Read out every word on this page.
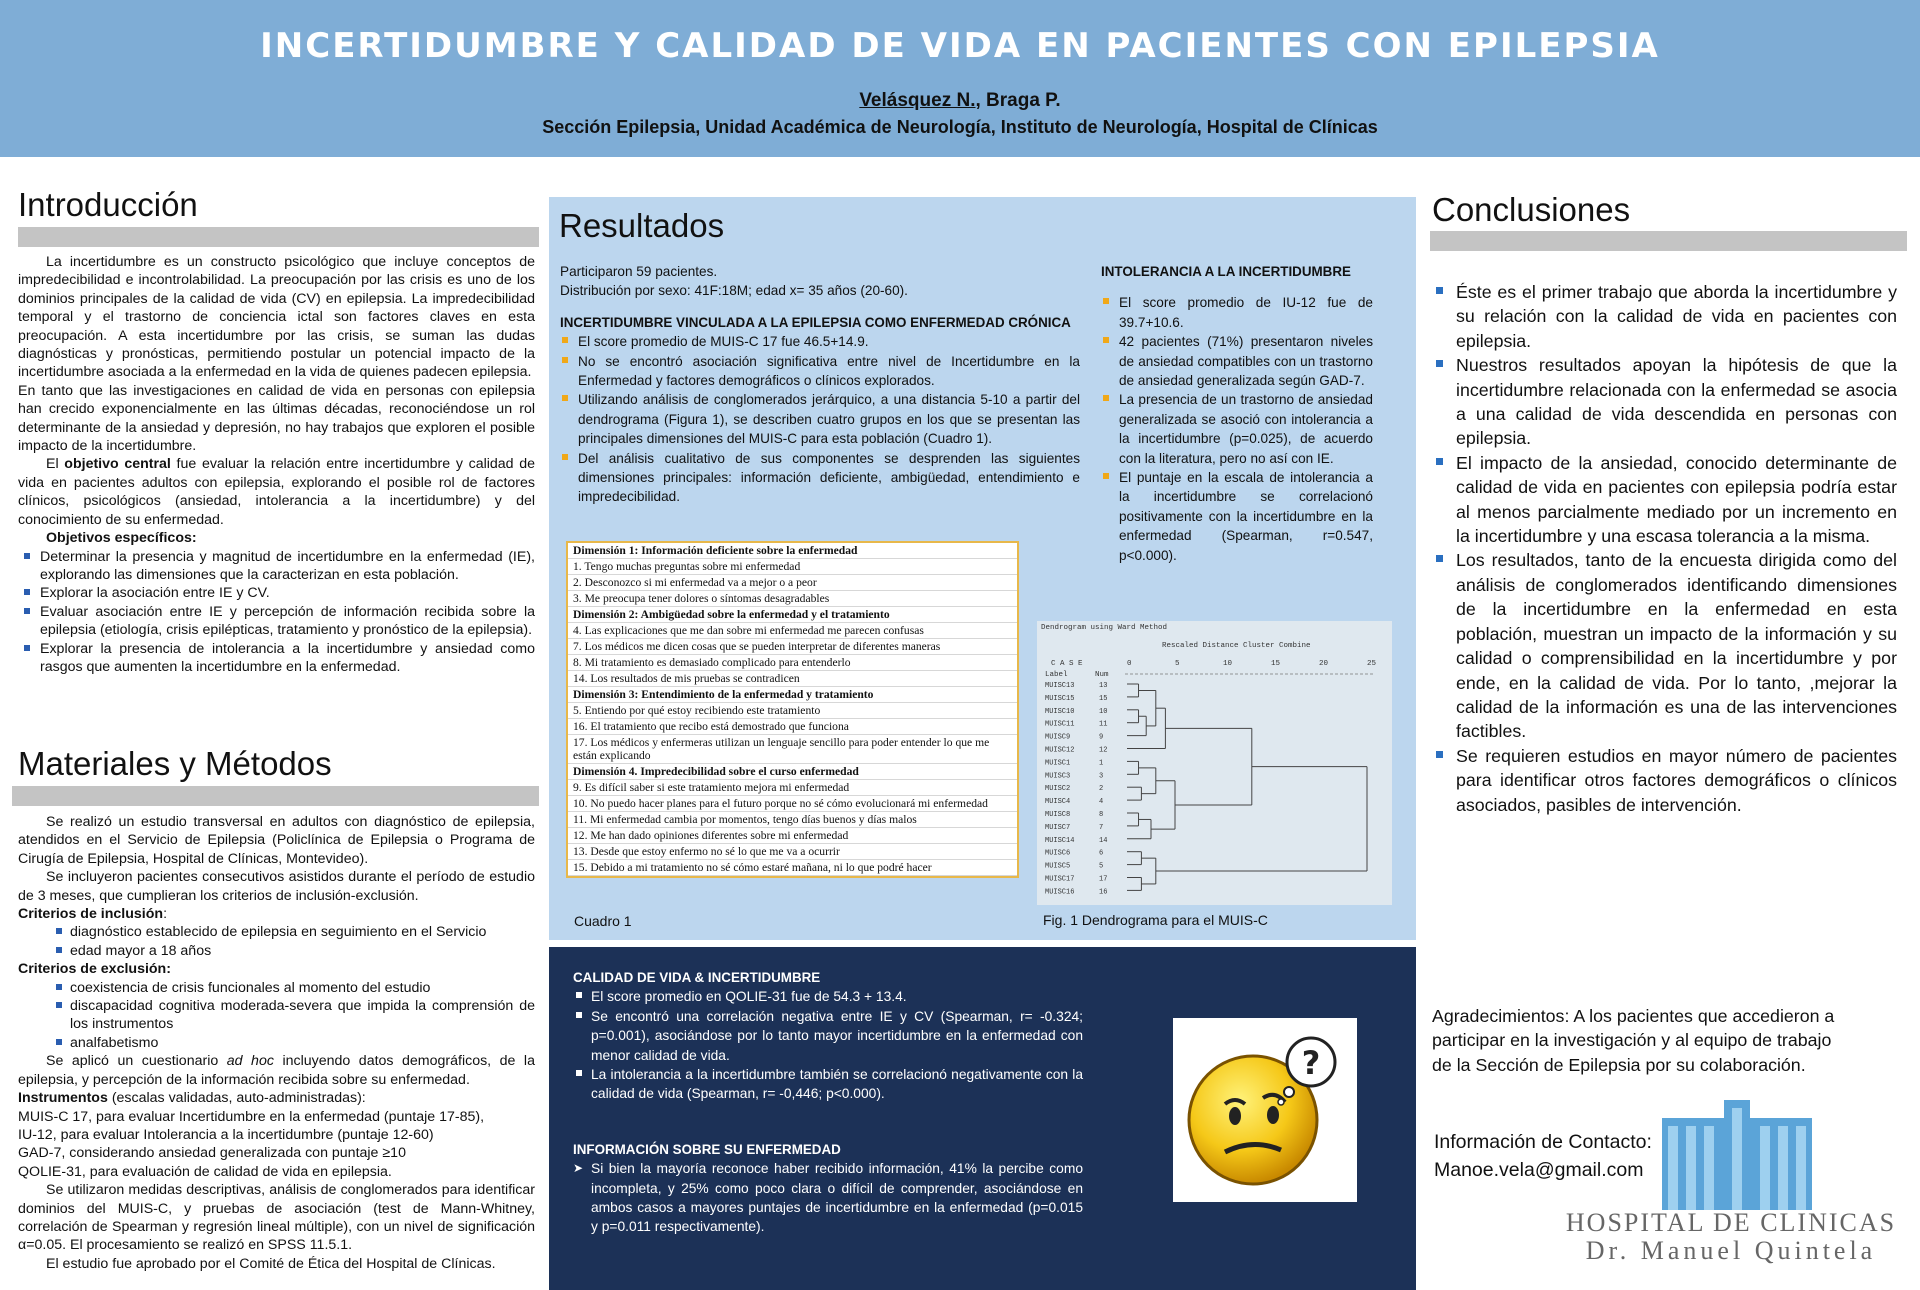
INCERTIDUMBRE Y CALIDAD DE VIDA EN PACIENTES CON EPILEPSIA
Velásquez N., Braga P.
Sección Epilepsia, Unidad Académica de Neurología, Instituto de Neurología, Hospital de Clínicas
Introducción

La incertidumbre es un constructo psicológico que incluye conceptos de impredecibilidad e incontrolabilidad. La preocupación por las crisis es uno de los dominios principales de la calidad de vida (CV) en epilepsia. La impredecibilidad temporal y el trastorno de conciencia ictal son factores claves en esta preocupación. A esta incertidumbre por las crisis, se suman las dudas diagnósticas y pronósticas, permitiendo postular un potencial impacto de la incertidumbre asociada a la enfermedad en la vida de quienes padecen epilepsia.

En tanto que las investigaciones en calidad de vida en personas con epilepsia han crecido exponencialmente en las últimas décadas, reconociéndose un rol determinante de la ansiedad y depresión, no hay trabajos que exploren el posible impacto de la incertidumbre.

El objetivo central fue evaluar la relación entre incertidumbre y calidad de vida en pacientes adultos con epilepsia, explorando el posible rol de factores clínicos, psicológicos (ansiedad, intolerancia a la incertidumbre) y del conocimiento de su enfermedad.

Objetivos específicos:

Determinar la presencia y magnitud de incertidumbre en la enfermedad (IE), explorando las dimensiones que la caracterizan en esta población.
Explorar la asociación entre IE y CV.
Evaluar asociación entre IE y percepción de información recibida sobre la epilepsia (etiología, crisis epilépticas, tratamiento y pronóstico de la epilepsia).
Explorar la presencia de intolerancia a la incertidumbre y ansiedad como rasgos que aumenten la incertidumbre en la enfermedad.
Materiales y Métodos

Se realizó un estudio transversal en adultos con diagnóstico de epilepsia, atendidos en el Servicio de Epilepsia (Policlínica de Epilepsia o Programa de Cirugía de Epilepsia, Hospital de Clínicas, Montevideo).

Se incluyeron pacientes consecutivos asistidos durante el período de estudio de 3 meses, que cumplieran los criterios de inclusión-exclusión.

Criterios de inclusión:

diagnóstico establecido de epilepsia en seguimiento en el Servicio
edad mayor a 18 años

Criterios de exclusión:

coexistencia de crisis funcionales al momento del estudio
discapacidad cognitiva moderada-severa que impida la comprensión de los instrumentos
analfabetismo

Se aplicó un cuestionario ad hoc incluyendo datos demográficos, de la epilepsia, y percepción de la información recibida sobre su enfermedad.

Instrumentos (escalas validadas, auto-administradas):

MUIS-C 17, para evaluar Incertidumbre en la enfermedad (puntaje 17-85),
IU-12, para evaluar Intolerancia a la incertidumbre (puntaje 12-60)
GAD-7, considerando ansiedad generalizada con puntaje ≥10
QOLIE-31, para evaluación de calidad de vida en epilepsia.

Se utilizaron medidas descriptivas, análisis de conglomerados para identificar dominios del MUIS-C, y pruebas de asociación (test de Mann-Whitney, correlación de Spearman y regresión lineal múltiple), con un nivel de significación α=0.05. El procesamiento se realizó en SPSS 11.5.1.

El estudio fue aprobado por el Comité de Ética del Hospital de Clínicas.

Resultados
Participaron 59 pacientes.
Distribución por sexo: 41F:18M; edad x= 35 años (20-60).
INCERTIDUMBRE VINCULADA A LA EPILEPSIA COMO ENFERMEDAD CRÓNICA
El score promedio de MUIS-C 17 fue 46.5+14.9.
No se encontró asociación significativa entre nivel de Incertidumbre en la Enfermedad y factores demográficos o clínicos explorados.
Utilizando análisis de conglomerados jerárquico, a una distancia 5-10 a partir del dendrograma (Figura 1), se describen cuatro grupos en los que se presentan las principales dimensiones del MUIS-C para esta población (Cuadro 1).
Del análisis cualitativo de sus componentes se desprenden las siguientes dimensiones principales: información deficiente, ambigüedad, entendimiento e impredecibilidad.
INTOLERANCIA A LA INCERTIDUMBRE
El score promedio de IU-12 fue de 39.7+10.6.
42 pacientes (71%) presentaron niveles de ansiedad compatibles con un trastorno de ansiedad generalizada según GAD-7.
La presencia de un trastorno de ansiedad generalizada se asoció con intolerancia a la incertidumbre (p=0.025), de acuerdo con la literatura, pero no así con IE.
El puntaje en la escala de intolerancia a la incertidumbre se correlacionó positivamente con la incertidumbre en la enfermedad (Spearman, r=0.547, p<0.000).
Dimensión 1: Información deficiente sobre la enfermedad
1. Tengo muchas preguntas sobre mi enfermedad
2. Desconozco si mi enfermedad va a mejor o a peor
3. Me preocupa tener dolores o síntomas desagradables
Dimensión 2: Ambigüedad sobre la enfermedad y el tratamiento
4. Las explicaciones que me dan sobre mi enfermedad me parecen confusas
7. Los médicos me dicen cosas que se pueden interpretar de diferentes maneras
8. Mi tratamiento es demasiado complicado para entenderlo
14. Los resultados de mis pruebas se contradicen
Dimensión 3: Entendimiento de la enfermedad y tratamiento
5. Entiendo por qué estoy recibiendo este tratamiento
16. El tratamiento que recibo está demostrado que funciona
17. Los médicos y enfermeras utilizan un lenguaje sencillo para poder entender lo que me están explicando
Dimensión 4. Impredecibilidad sobre el curso enfermedad
9. Es difícil saber si este tratamiento mejora mi enfermedad
10. No puedo hacer planes para el futuro porque no sé cómo evolucionará mi enfermedad
11. Mi enfermedad cambia por momentos, tengo días buenos y días malos
12. Me han dado opiniones diferentes sobre mi enfermedad
13. Desde que estoy enfermo no sé lo que me va a ocurrir
15. Debido a mi tratamiento no sé cómo estaré mañana, ni lo que podré hacer
Cuadro 1
Dendrogram using Ward Method
Rescaled Distance Cluster Combine
C A S E
Label	Num
0	5	10	15	20	25
MUISC13	13
MUISC15	15
MUISC10	10
MUISC11	11
MUISC9	9
MUISC12	12
MUISC1	1
MUISC3	3
MUISC2	2
MUISC4	4
MUISC8	8
MUISC7	7
MUISC14	14
MUISC6	6
MUISC5	5
MUISC17	17
MUISC16	16
Fig. 1 Dendrograma para el MUIS-C
CALIDAD DE VIDA & INCERTIDUMBRE
El score promedio en QOLIE-31 fue de 54.3 + 13.4.
Se encontró una correlación negativa entre IE y CV (Spearman, r= -0.324; p=0.001), asociándose por lo tanto mayor incertidumbre en la enfermedad con menor calidad de vida.
La intolerancia a la incertidumbre también se correlacionó negativamente con la calidad de vida (Spearman, r= -0,446; p<0.000).
INFORMACIÓN SOBRE SU ENFERMEDAD
➤ Si bien la mayoría reconoce haber recibido información, 41% la percibe como incompleta, y 25% como poco clara o difícil de comprender, asociándose en ambos casos a mayores puntajes de incertidumbre en la enfermedad (p=0.015 y p=0.011 respectivamente).
?
Conclusiones
Éste es el primer trabajo que aborda la incertidumbre y su relación con la calidad de vida en pacientes con epilepsia.
Nuestros resultados apoyan la hipótesis de que la incertidumbre relacionada con la enfermedad se asocia a una calidad de vida descendida en personas con epilepsia.
El impacto de la ansiedad, conocido determinante de calidad de vida en pacientes con epilepsia podría estar al menos parcialmente mediado por un incremento en la incertidumbre y una escasa tolerancia a la misma.
Los resultados, tanto de la encuesta dirigida como del análisis de conglomerados identificando dimensiones de la incertidumbre en la enfermedad en esta población, muestran un impacto de la información y su calidad o comprensibilidad en la incertidumbre y por ende, en la calidad de vida. Por lo tanto, ,mejorar la calidad de la información es una de las intervenciones factibles.
Se requieren estudios en mayor número de pacientes para identificar otros factores demográficos o clínicos asociados, pasibles de intervención.
Agradecimientos: A los pacientes que accedieron a
participar en la investigación y al equipo de trabajo
de la Sección de Epilepsia por su colaboración.
Información de Contacto:
Manoe.vela@gmail.com
HOSPITAL DE CLINICAS
Dr. Manuel Quintela
